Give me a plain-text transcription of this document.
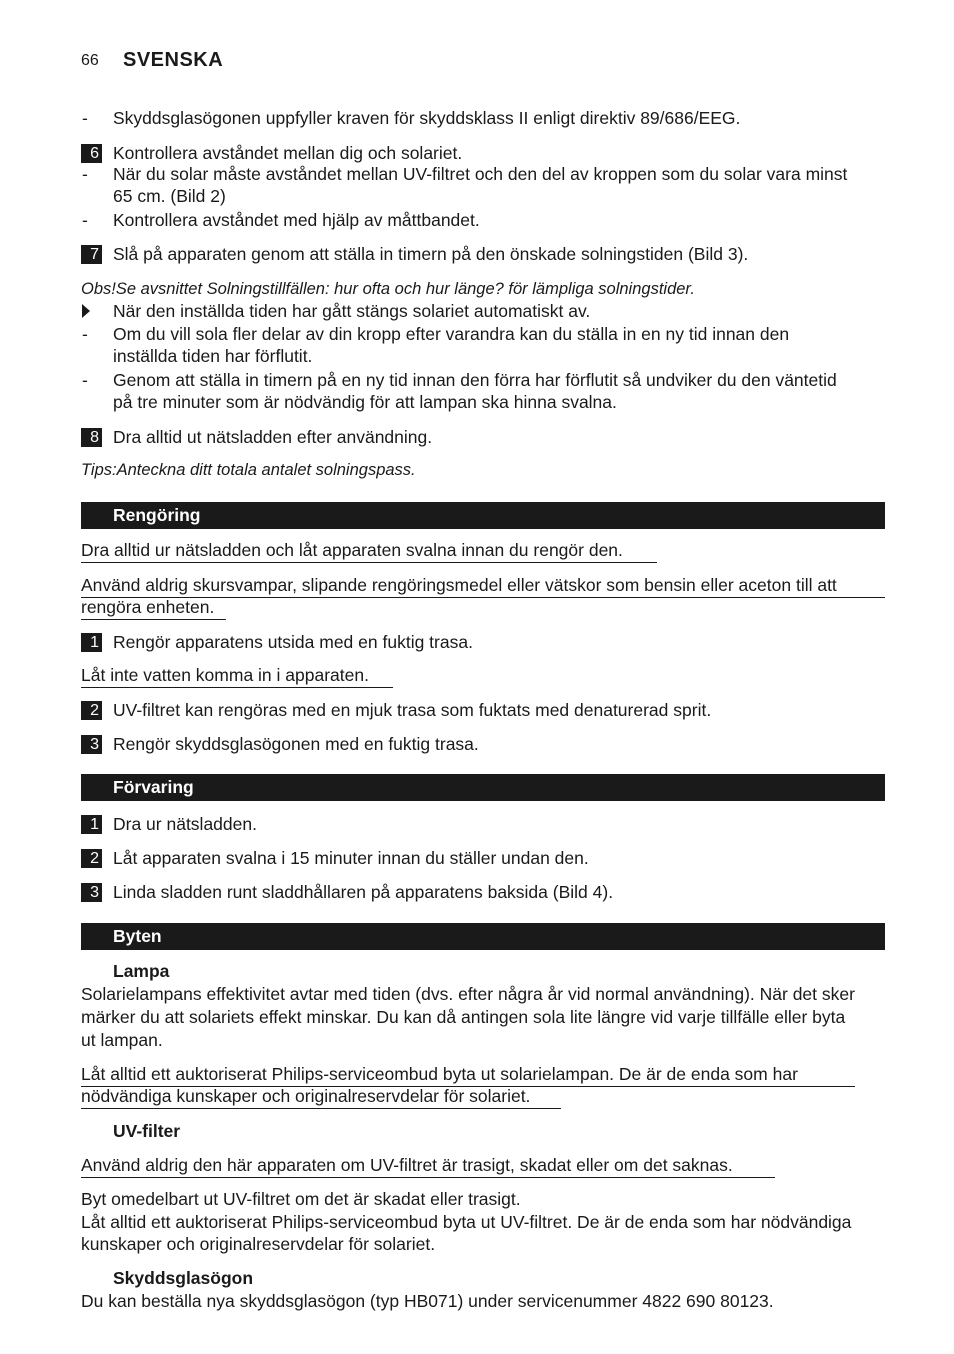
66 SVENSKA
- Skyddsglasögonen uppfyller kraven för skyddsklass II enligt direktiv 89/686/EEG.
6 Kontrollera avståndet mellan dig och solariet.
- När du solar måste avståndet mellan UV-filtret och den del av kroppen som du solar vara minst
65 cm. (Bild 2)
- Kontrollera avståndet med hjälp av måttbandet.
7 Slå på apparaten genom att ställa in timern på den önskade solningstiden (Bild 3).
Obs!Se avsnittet Solningstillfällen: hur ofta och hur länge? för lämpliga solningstider.
När den inställda tiden har gått stängs solariet automatiskt av.
- Om du vill sola fler delar av din kropp efter varandra kan du ställa in en ny tid innan den
inställda tiden har förflutit.
- Genom att ställa in timern på en ny tid innan den förra har förflutit så undviker du den väntetid
på tre minuter som är nödvändig för att lampan ska hinna svalna.
8 Dra alltid ut nätsladden efter användning.
Tips:Anteckna ditt totala antalet solningspass.
Rengöring
Dra alltid ur nätsladden och låt apparaten svalna innan du rengör den.
Använd aldrig skursvampar, slipande rengöringsmedel eller vätskor som bensin eller aceton till att
rengöra enheten.
1 Rengör apparatens utsida med en fuktig trasa.
Låt inte vatten komma in i apparaten.
2 UV-filtret kan rengöras med en mjuk trasa som fuktats med denaturerad sprit.
3 Rengör skyddsglasögonen med en fuktig trasa.
Förvaring
1 Dra ur nätsladden.
2 Låt apparaten svalna i 15 minuter innan du ställer undan den.
3 Linda sladden runt sladdhållaren på apparatens baksida (Bild 4).
Byten
Lampa
Solarielampans effektivitet avtar med tiden (dvs. efter några år vid normal användning). När det sker
märker du att solariets effekt minskar. Du kan då antingen sola lite längre vid varje tillfälle eller byta
ut lampan.
Låt alltid ett auktoriserat Philips-serviceombud byta ut solarielampan. De är de enda som har
nödvändiga kunskaper och originalreservdelar för solariet.
UV-filter
Använd aldrig den här apparaten om UV-filtret är trasigt, skadat eller om det saknas.
Byt omedelbart ut UV-filtret om det är skadat eller trasigt.
Låt alltid ett auktoriserat Philips-serviceombud byta ut UV-filtret. De är de enda som har nödvändiga
kunskaper och originalreservdelar för solariet.
Skyddsglasögon
Du kan beställa nya skyddsglasögon (typ HB071) under servicenummer 4822 690 80123.
